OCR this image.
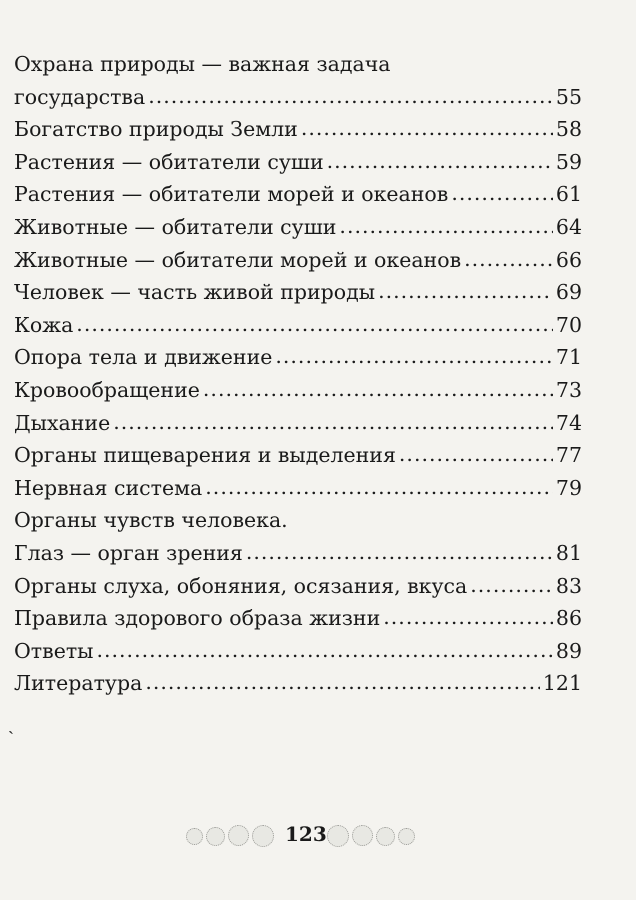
Охрана природы — важная задача
государства .....	55
Богатство природы Земли .....	58
Растения — обитатели суши .....	59
Растения — обитатели морей и океанов .....	61
Животные — обитатели суши .....	64
Животные — обитатели морей и океанов .....	66
Человек — часть живой природы .....	69
Кожа .....	70
Опора тела и движение .....	71
Кровообращение .....	73
Дыхание .....	74
Органы пищеварения и выделения .....	77
Нервная система .....	79
Органы чувств человека.
Глаз — орган зрения .....	81
Органы слуха, обоняния, осязания, вкуса .....	83
Правила здорового образа жизни .....	86
Ответы .....	89
Литература .....	121
ˏ
123
